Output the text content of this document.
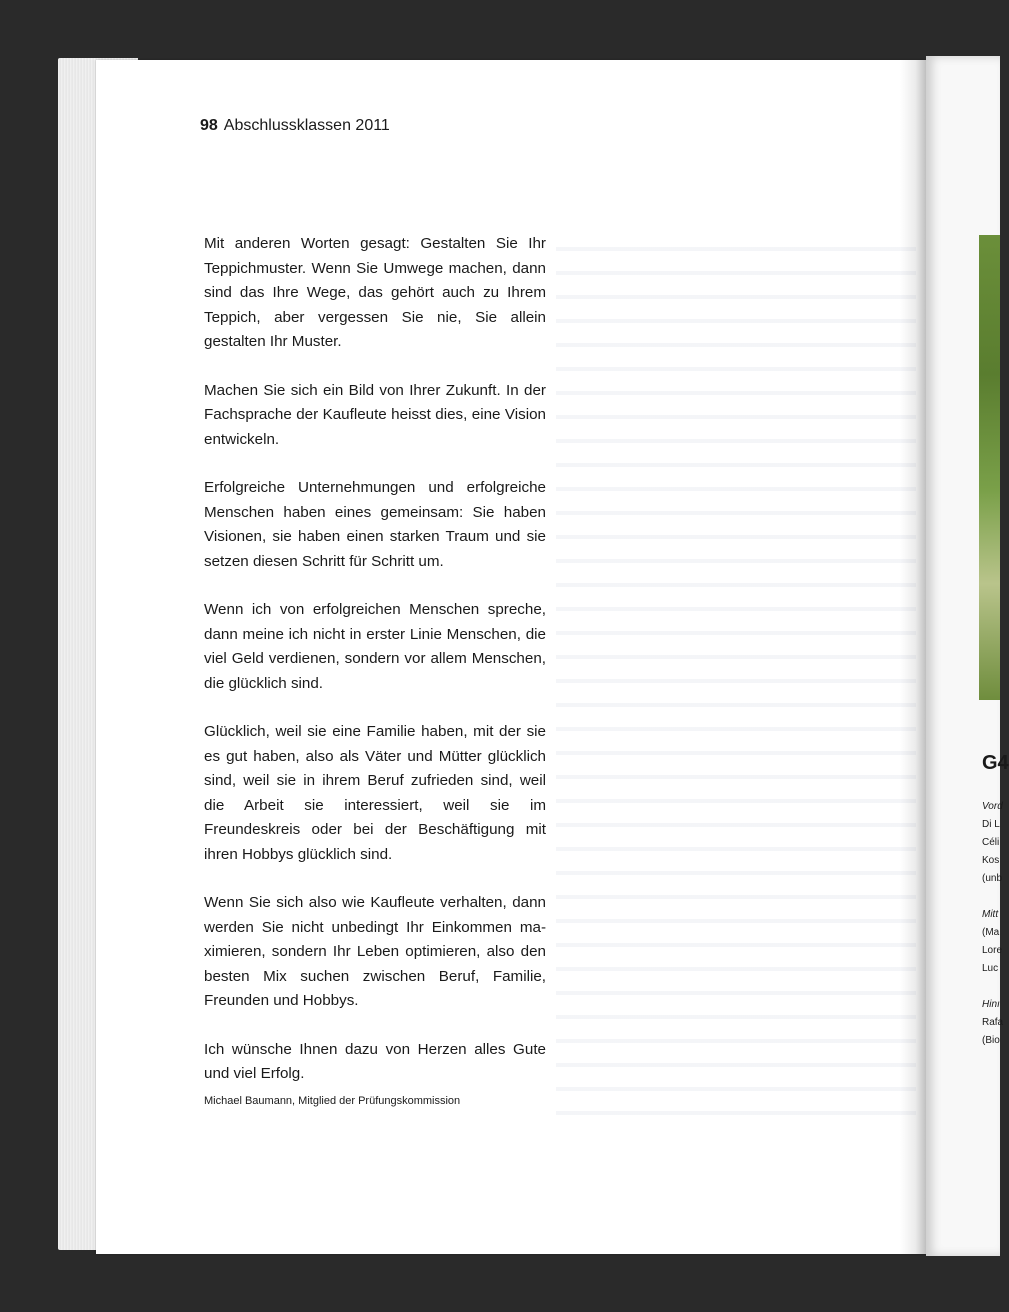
98 Abschlussklassen 2011

Mit anderen Worten gesagt: Gestalten Sie Ihr Teppichmuster. Wenn Sie Umwege machen, dann sind das Ihre Wege, das gehört auch zu Ihrem Teppich, aber vergessen Sie nie, Sie allein gestalten Ihr Muster.

Machen Sie sich ein Bild von Ihrer Zukunft. In der Fachsprache der Kaufleute heisst dies, eine Vision entwickeln.

Erfolgreiche Unternehmungen und erfolgreiche Menschen haben eines gemeinsam: Sie haben Visionen, sie haben einen starken Traum und sie setzen diesen Schritt für Schritt um.

Wenn ich von erfolgreichen Menschen spreche, dann meine ich nicht in erster Linie Menschen, die viel Geld verdienen, sondern vor allem Menschen, die glücklich sind.

Glücklich, weil sie eine Familie haben, mit der sie es gut haben, also als Väter und Mütter glücklich sind, weil sie in ihrem Beruf zufrieden sind, weil die Arbeit sie interessiert, weil sie im Freundeskreis oder bei der Beschäftigung mit ihren Hobbys glücklich sind.

Wenn Sie sich also wie Kaufleute verhalten, dann werden Sie nicht unbedingt Ihr Einkommen maximieren, sondern Ihr Leben optimieren, also den besten Mix suchen zwischen Beruf, Familie, Freunden und Hobbys.

Ich wünsche Ihnen dazu von Herzen alles Gute und viel Erfolg.

Michael Baumann, Mitglied der Prüfungskommission
G4
Vord
Di L
Céli
Kos
(unb
Mitt
(Ma
Lore
Luc
Hinı
Rafa
(Bio
